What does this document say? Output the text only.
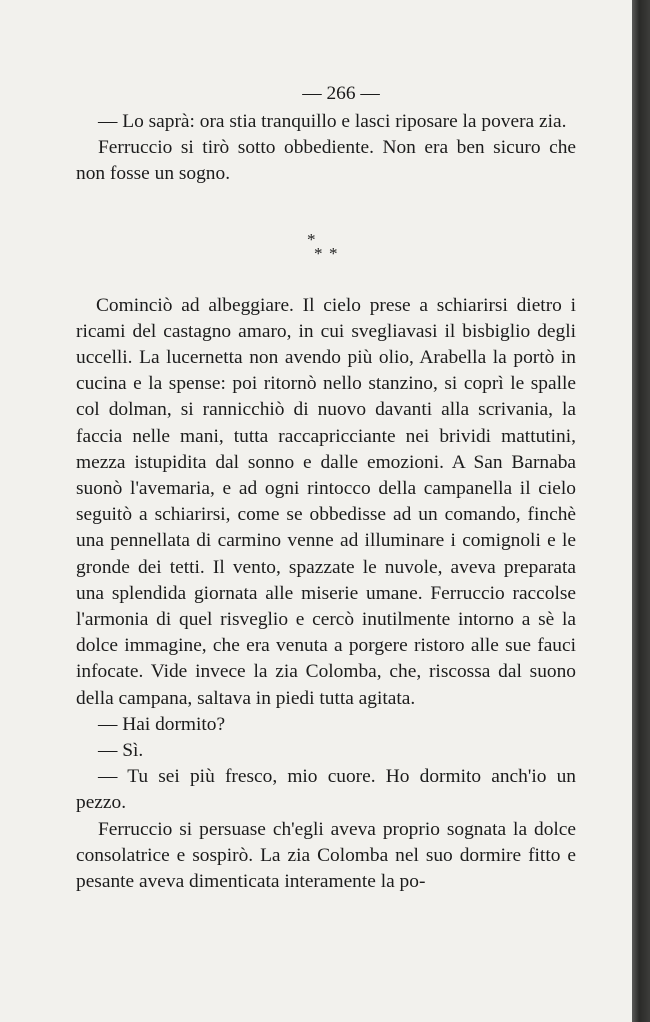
— 266 —

— Lo saprà: ora stia tranquillo e lasci riposare la povera zia.

Ferruccio si tirò sotto obbediente. Non era ben sicuro che non fosse un sogno.

*
* *

Cominciò ad albeggiare. Il cielo prese a schiarirsi dietro i ricami del castagno amaro, in cui svegliavasi il bisbiglio degli uccelli. La lucernetta non avendo più olio, Arabella la portò in cucina e la spense: poi ritornò nello stanzino, si coprì le spalle col dolman, si rannicchiò di nuovo davanti alla scrivania, la faccia nelle mani, tutta raccapricciante nei brividi mattutini, mezza istupidita dal sonno e dalle emozioni. A San Barnaba suonò l'avemaria, e ad ogni rintocco della campanella il cielo seguitò a schiarirsi, come se obbedisse ad un comando, finchè una pennellata di carmino venne ad illuminare i comignoli e le gronde dei tetti. Il vento, spazzate le nuvole, aveva preparata una splendida giornata alle miserie umane. Ferruccio raccolse l'armonia di quel risveglio e cercò inutilmente intorno a sè la dolce immagine, che era venuta a porgere ristoro alle sue fauci infocate. Vide invece la zia Colomba, che, riscossa dal suono della campana, saltava in piedi tutta agitata.

— Hai dormito?

— Sì.

— Tu sei più fresco, mio cuore. Ho dormito anch'io un pezzo.

Ferruccio si persuase ch'egli aveva proprio sognata la dolce consolatrice e sospirò. La zia Colomba nel suo dormire fitto e pesante aveva dimenticata interamente la po-
